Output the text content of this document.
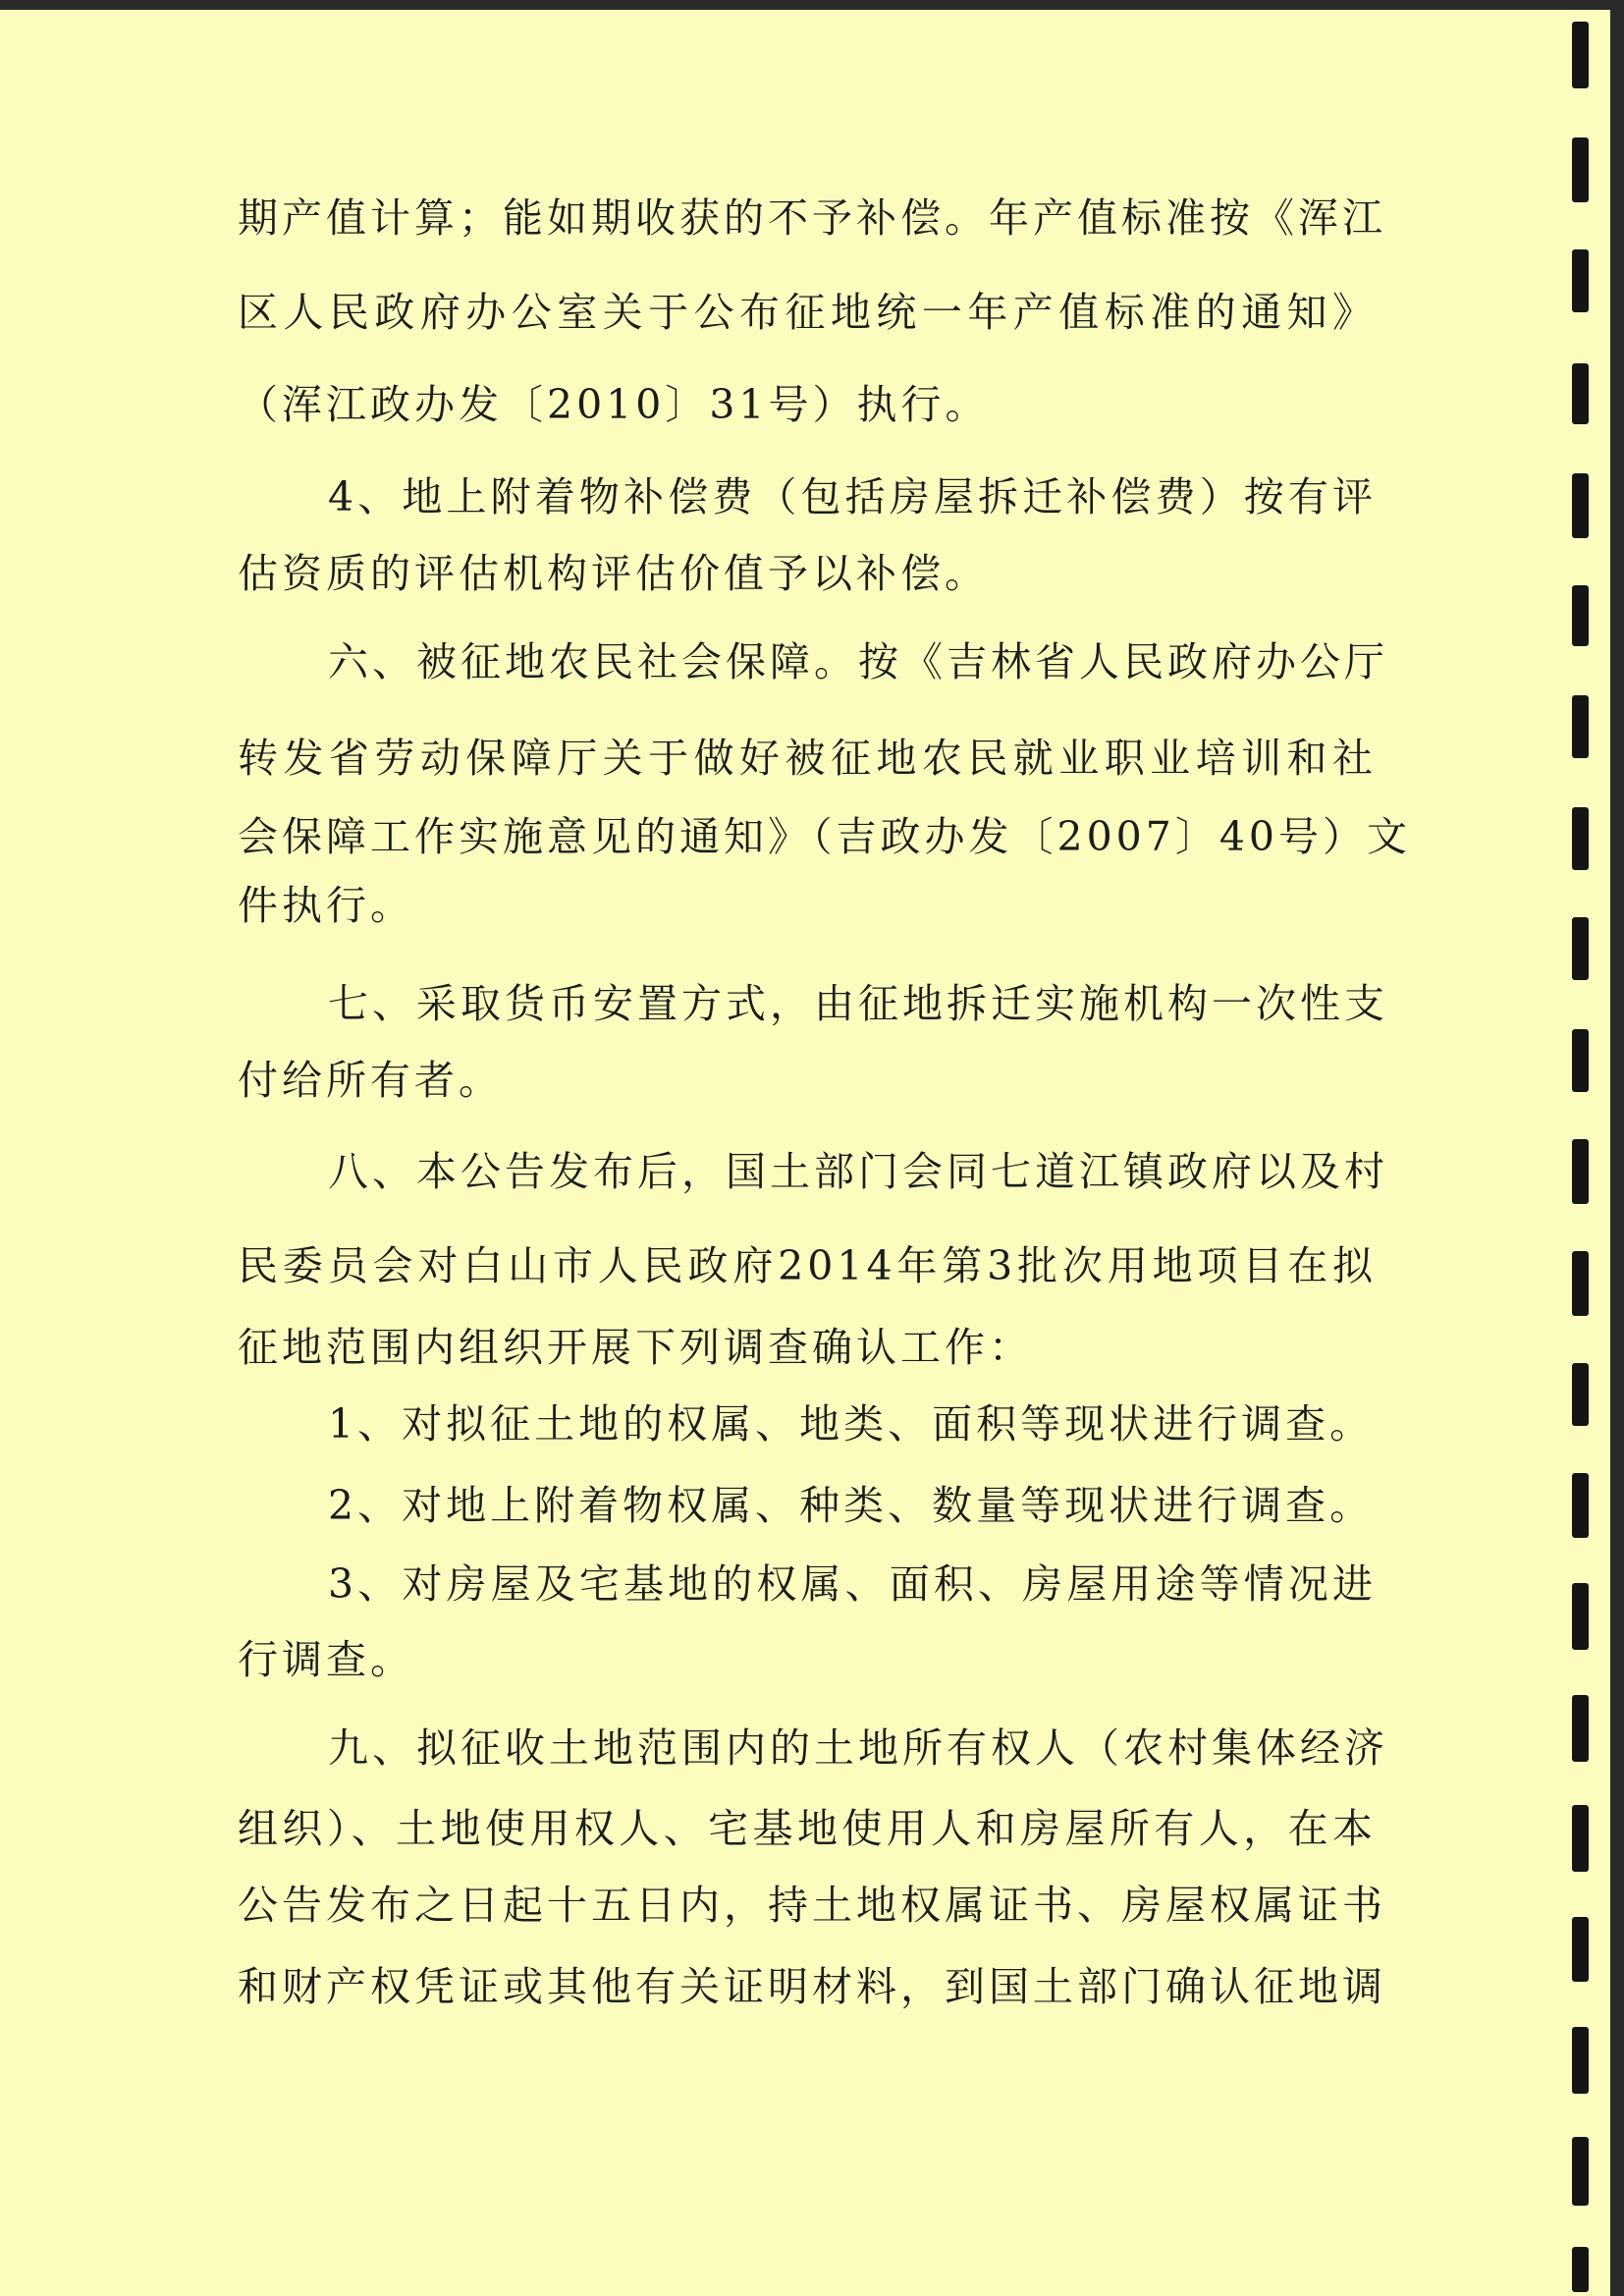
期产值计算；能如期收获的不予补偿。年产值标准按《浑江
区人民政府办公室关于公布征地统一年产值标准的通知》
（浑江政办发〔2010〕31号）执行。
4、地上附着物补偿费（包括房屋拆迁补偿费）按有评
估资质的评估机构评估价值予以补偿。
六、被征地农民社会保障。按《吉林省人民政府办公厅
转发省劳动保障厅关于做好被征地农民就业职业培训和社
会保障工作实施意见的通知》（吉政办发〔2007〕40号）文
件执行。
七、采取货币安置方式，由征地拆迁实施机构一次性支
付给所有者。
八、本公告发布后，国土部门会同七道江镇政府以及村
民委员会对白山市人民政府2014年第3批次用地项目在拟
征地范围内组织开展下列调查确认工作：
1、对拟征土地的权属、地类、面积等现状进行调查。
2、对地上附着物权属、种类、数量等现状进行调查。
3、对房屋及宅基地的权属、面积、房屋用途等情况进
行调查。
九、拟征收土地范围内的土地所有权人（农村集体经济
组织）、土地使用权人、宅基地使用人和房屋所有人，在本
公告发布之日起十五日内，持土地权属证书、房屋权属证书
和财产权凭证或其他有关证明材料，到国土部门确认征地调
